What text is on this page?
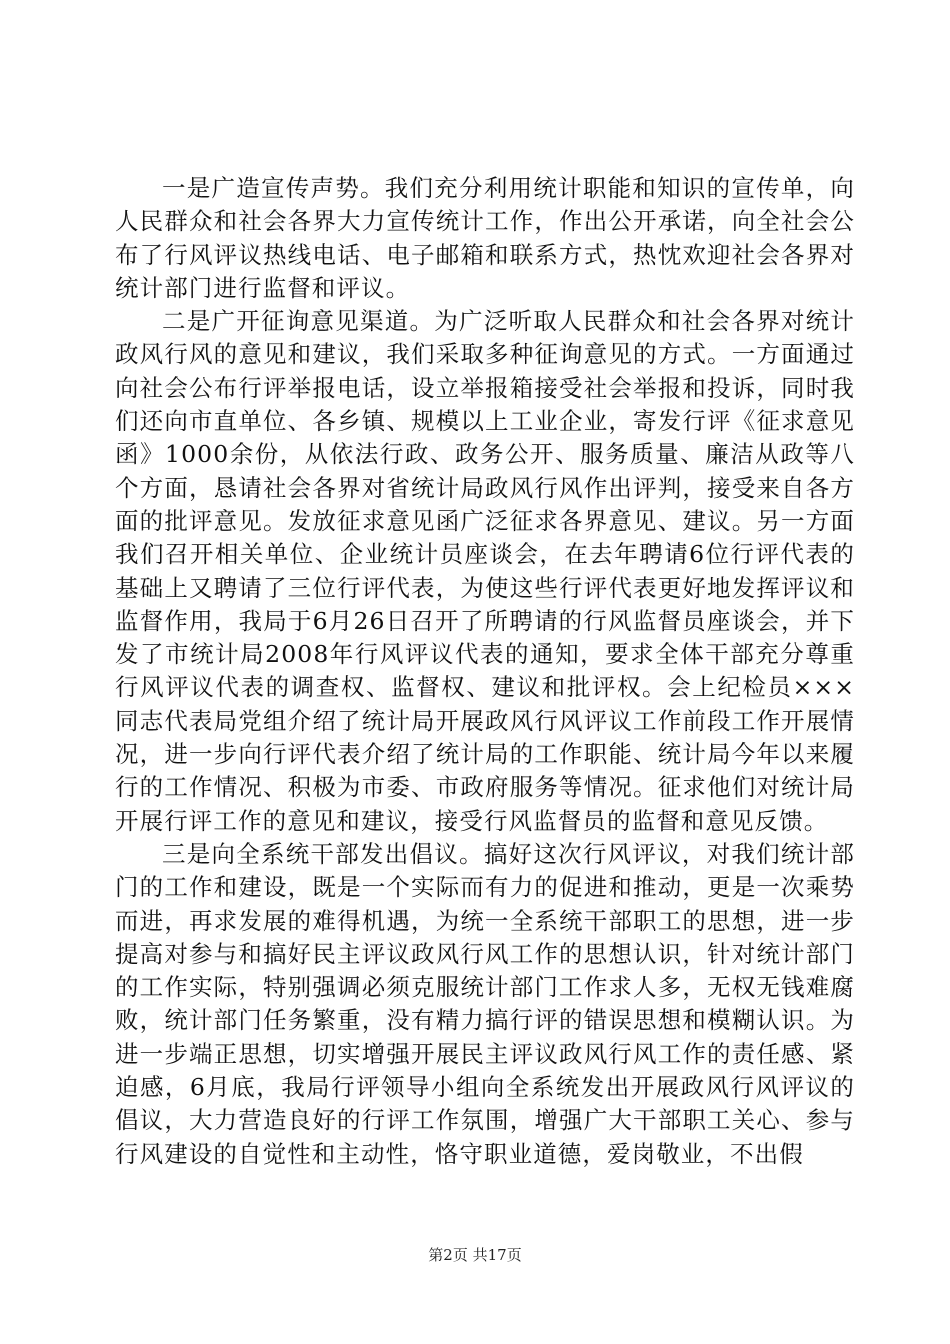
一是广造宣传声势。我们充分利用统计职能和知识的宣传单，向人民群众和社会各界大力宣传统计工作，作出公开承诺，向全社会公布了行风评议热线电话、电子邮箱和联系方式，热忱欢迎社会各界对统计部门进行监督和评议。

二是广开征询意见渠道。为广泛听取人民群众和社会各界对统计政风行风的意见和建议，我们采取多种征询意见的方式。一方面通过向社会公布行评举报电话，设立举报箱接受社会举报和投诉，同时我们还向市直单位、各乡镇、规模以上工业企业，寄发行评《征求意见函》1000余份，从依法行政、政务公开、服务质量、廉洁从政等八个方面，恳请社会各界对省统计局政风行风作出评判，接受来自各方面的批评意见。发放征求意见函广泛征求各界意见、建议。另一方面我们召开相关单位、企业统计员座谈会，在去年聘请6位行评代表的基础上又聘请了三位行评代表，为使这些行评代表更好地发挥评议和监督作用，我局于6月26日召开了所聘请的行风监督员座谈会，并下发了市统计局2008年行风评议代表的通知，要求全体干部充分尊重行风评议代表的调查权、监督权、建议和批评权。会上纪检员×××同志代表局党组介绍了统计局开展政风行风评议工作前段工作开展情况，进一步向行评代表介绍了统计局的工作职能、统计局今年以来履行的工作情况、积极为市委、市政府服务等情况。征求他们对统计局开展行评工作的意见和建议，接受行风监督员的监督和意见反馈。

三是向全系统干部发出倡议。搞好这次行风评议，对我们统计部门的工作和建设，既是一个实际而有力的促进和推动，更是一次乘势而进，再求发展的难得机遇，为统一全系统干部职工的思想，进一步提高对参与和搞好民主评议政风行风工作的思想认识，针对统计部门的工作实际，特别强调必须克服统计部门工作求人多，无权无钱难腐败，统计部门任务繁重，没有精力搞行评的错误思想和模糊认识。为进一步端正思想，切实增强开展民主评议政风行风工作的责任感、紧迫感，6月底，我局行评领导小组向全系统发出开展政风行风评议的倡议，大力营造良好的行评工作氛围，增强广大干部职工关心、参与行风建设的自觉性和主动性，恪守职业道德，爱岗敬业，不出假

第2页 共17页
